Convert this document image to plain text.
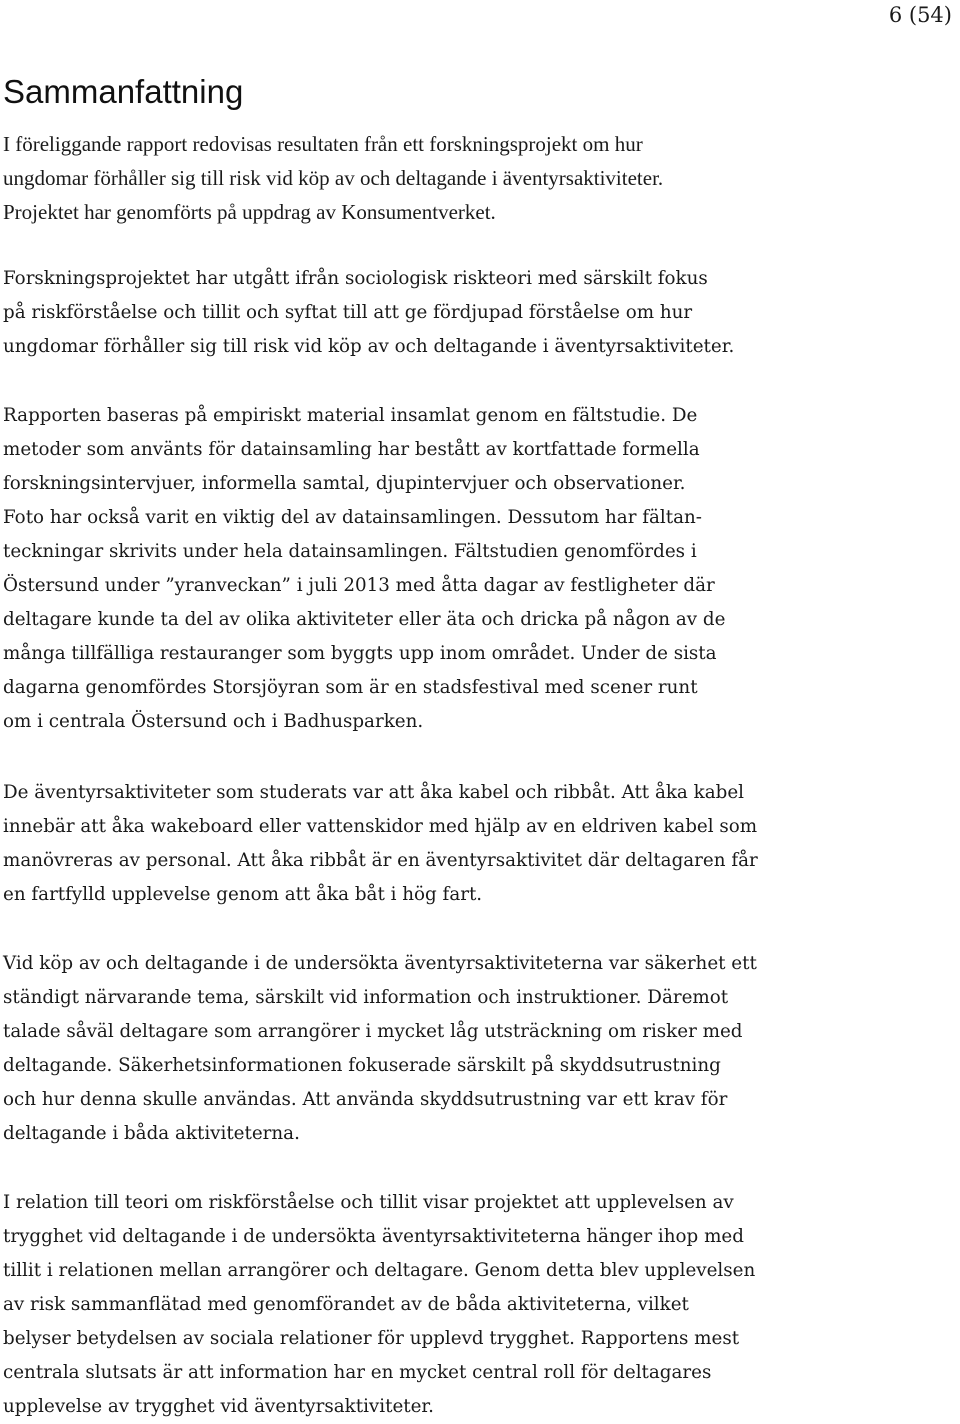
6 (54)
Sammanfattning

I föreliggande rapport redovisas resultaten från ett forskningsprojekt om hur
ungdomar förhåller sig till risk vid köp av och deltagande i äventyrsaktiviteter.
Projektet har genomförts på uppdrag av Konsumentverket.

Forskningsprojektet har utgått ifrån sociologisk riskteori med särskilt fokus
på riskförståelse och tillit och syftat till att ge fördjupad förståelse om hur
ungdomar förhåller sig till risk vid köp av och deltagande i äventyrsaktiviteter.

Rapporten baseras på empiriskt material insamlat genom en fältstudie. De
metoder som använts för datainsamling har bestått av kortfattade formella
forskningsintervjuer, informella samtal, djupintervjuer och observationer.
Foto har också varit en viktig del av datainsamlingen. Dessutom har fältan-
teckningar skrivits under hela datainsamlingen. Fältstudien genomfördes i
Östersund under ”yranveckan” i juli 2013 med åtta dagar av festligheter där
deltagare kunde ta del av olika aktiviteter eller äta och dricka på någon av de
många tillfälliga restauranger som byggts upp inom området. Under de sista
dagarna genomfördes Storsjöyran som är en stadsfestival med scener runt
om i centrala Östersund och i Badhusparken.

De äventyrsaktiviteter som studerats var att åka kabel och ribbåt. Att åka kabel
innebär att åka wakeboard eller vattenskidor med hjälp av en eldriven kabel som
manövreras av personal. Att åka ribbåt är en äventyrsaktivitet där deltagaren får
en fartfylld upplevelse genom att åka båt i hög fart.

Vid köp av och deltagande i de undersökta äventyrsaktiviteterna var säkerhet ett
ständigt närvarande tema, särskilt vid information och instruktioner. Däremot
talade såväl deltagare som arrangörer i mycket låg utsträckning om risker med
deltagande. Säkerhetsinformationen fokuserade särskilt på skyddsutrustning
och hur denna skulle användas. Att använda skyddsutrustning var ett krav för
deltagande i båda aktiviteterna.

I relation till teori om riskförståelse och tillit visar projektet att upplevelsen av
trygghet vid deltagande i de undersökta äventyrsaktiviteterna hänger ihop med
tillit i relationen mellan arrangörer och deltagare. Genom detta blev upplevelsen
av risk sammanflätad med genomförandet av de båda aktiviteterna, vilket
belyser betydelsen av sociala relationer för upplevd trygghet. Rapportens mest
centrala slutsats är att information har en mycket central roll för deltagares
upplevelse av trygghet vid äventyrsaktiviteter.
